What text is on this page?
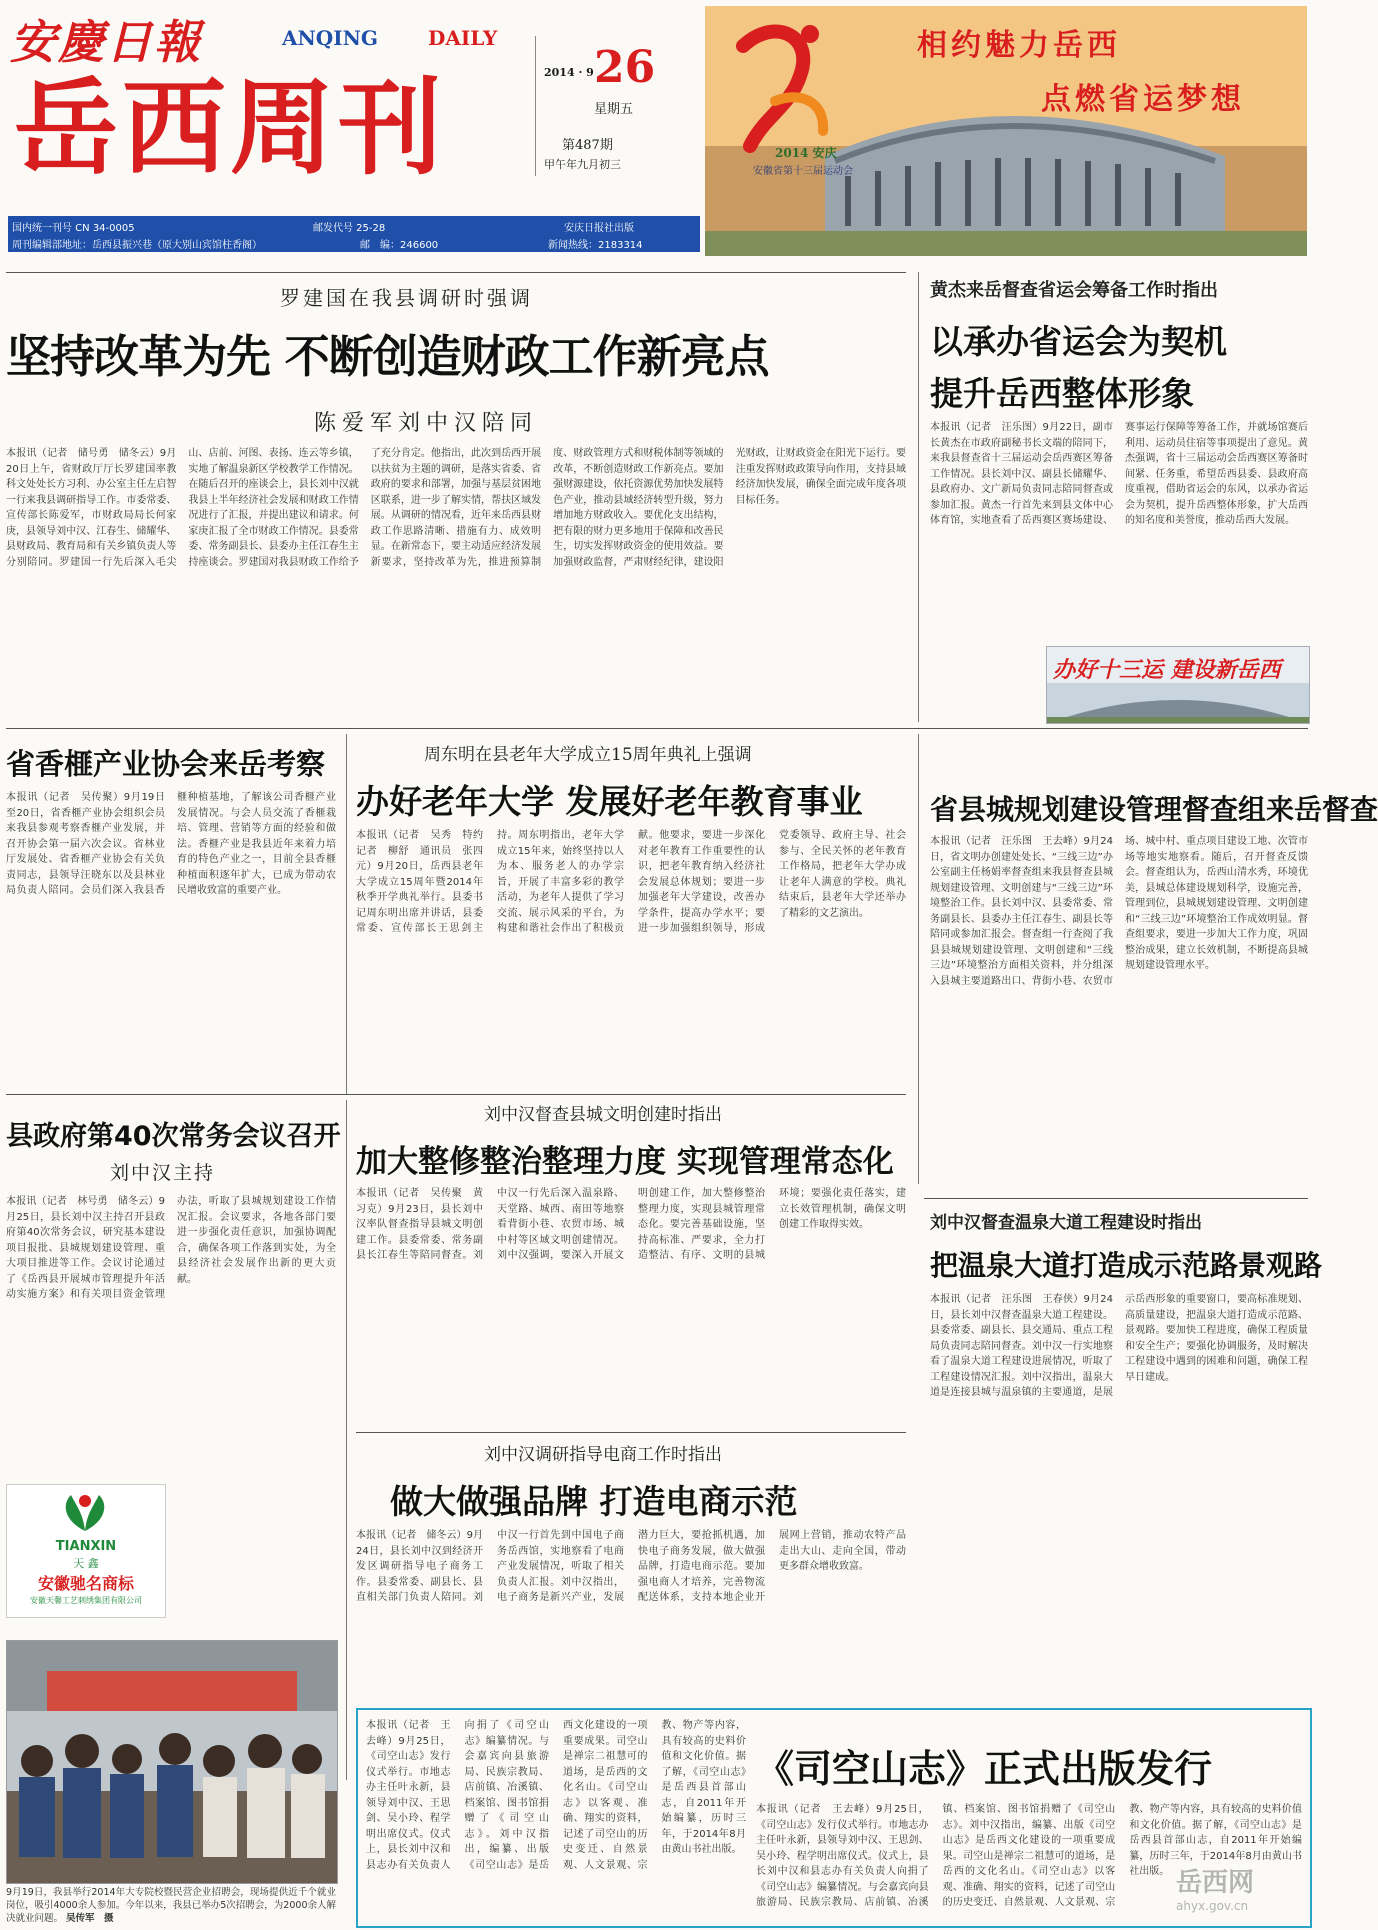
安慶日報	ANQING	DAILY
岳西周刊	2014 · 9 26
星期五
第487期
甲午年九月初三
国内统一刊号 CN 34-0005	邮发代号 25-28	安庆日报社出版
周刊编辑部地址：岳西县振兴巷（原大别山宾馆柱香阁）	邮　编：246600	新闻热线：2183314
相约魅力岳西
点燃省运梦想
2014 安庆
安徽省第十三届运动会
罗建国在我县调研时强调
坚持改革为先 不断创造财政工作新亮点
陈爱军刘中汉陪同
本报讯（记者　储号勇　储冬云）9月20日上午，省财政厅厅长罗建国率教科文处处长方习利、办公室主任左启智一行来我县调研指导工作。市委常委、宣传部长陈爱军，市财政局局长何家庚，县领导刘中汉、江春生、储耀华、县财政局、教育局和有关乡镇负责人等分别陪同。罗建国一行先后深入毛尖山、店前、河图、表扬、连云等乡镇，实地了解温泉新区学校教学工作情况。在随后召开的座谈会上，县长刘中汉就我县上半年经济社会发展和财政工作情况进行了汇报，并提出建议和请求。何家庚汇报了全市财政工作情况。县委常委、常务副县长、县委办主任江春生主持座谈会。罗建国对我县财政工作给予了充分肯定。他指出，此次到岳西开展以扶贫为主题的调研，是落实省委、省政府的要求和部署，加强与基层贫困地区联系，进一步了解实情，帮扶区域发展。从调研的情况看，近年来岳西县财政工作思路清晰、措施有力、成效明显。在新常态下，要主动适应经济发展新要求，坚持改革为先，推进预算制度、财政管理方式和财税体制等领域的改革，不断创造财政工作新亮点。要加强财源建设，依托资源优势加快发展特色产业，推动县域经济转型升级，努力增加地方财政收入。要优化支出结构，把有限的财力更多地用于保障和改善民生，切实发挥财政资金的使用效益。要加强财政监督，严肃财经纪律，建设阳光财政，让财政资金在阳光下运行。要注重发挥财政政策导向作用，支持县域经济加快发展，确保全面完成年度各项目标任务。
黄杰来岳督查省运会筹备工作时指出
以承办省运会为契机
提升岳西整体形象
本报讯（记者　汪乐图）9月22日，副市长黄杰在市政府副秘书长文端的陪同下，来我县督查省十三届运动会岳西赛区筹备工作情况。县长刘中汉、副县长储耀华、县政府办、文广新局负责同志陪同督查或参加汇报。黄杰一行首先来到县文体中心体育馆，实地查看了岳西赛区赛场建设、赛事运行保障等筹备工作，并就场馆赛后利用、运动员住宿等事项提出了意见。黄杰强调，省十三届运动会岳西赛区筹备时间紧、任务重，希望岳西县委、县政府高度重视，借助省运会的东风，以承办省运会为契机，提升岳西整体形象，扩大岳西的知名度和美誉度，推动岳西大发展。
办好十三运 建设新岳西
省香榧产业协会来岳考察
本报讯（记者　吴传聚）9月19日至20日，省香榧产业协会组织会员来我县参观考察香榧产业发展，并召开协会第一届六次会议。省林业厅发展处、省香榧产业协会有关负责同志，县领导汪晓东以及县林业局负责人陪同。会员们深入我县香榧种植基地，了解该公司香榧产业发展情况。与会人员交流了香榧栽培、管理、营销等方面的经验和做法。香榧产业是我县近年来着力培育的特色产业之一，目前全县香榧种植面积逐年扩大，已成为带动农民增收致富的重要产业。
周东明在县老年大学成立15周年典礼上强调
办好老年大学 发展好老年教育事业
本报讯（记者　吴秀　特约记者　柳舒　通讯员　张四元）9月20日，岳西县老年大学成立15周年暨2014年秋季开学典礼举行。县委书记周东明出席并讲话，县委常委、宣传部长王思剑主持。周东明指出，老年大学成立15年来，始终坚持以人为本、服务老人的办学宗旨，开展了丰富多彩的教学活动，为老年人提供了学习交流、展示风采的平台，为构建和谐社会作出了积极贡献。他要求，要进一步深化对老年教育工作重要性的认识，把老年教育纳入经济社会发展总体规划；要进一步加强老年大学建设，改善办学条件，提高办学水平；要进一步加强组织领导，形成党委领导、政府主导、社会参与、全民关怀的老年教育工作格局，把老年大学办成让老年人满意的学校。典礼结束后，县老年大学还举办了精彩的文艺演出。
省县城规划建设管理督查组来岳督查
本报讯（记者　汪乐图　王去峰）9月24日，省文明办创建处处长、“三线三边”办公室副主任杨娟率督查组来我县督查县城规划建设管理、文明创建与“三线三边”环境整治工作。县长刘中汉、县委常委、常务副县长、县委办主任江春生、副县长等陪同或参加汇报会。督查组一行查阅了我县县城规划建设管理、文明创建和“三线三边”环境整治方面相关资料，并分组深入县城主要道路出口、背街小巷、农贸市场、城中村、重点项目建设工地、次管市场等地实地察看。随后，召开督查反馈会。督查组认为，岳西山清水秀，环境优美，县城总体建设规划科学，设施完善，管理到位，县城规划建设管理、文明创建和“三线三边”环境整治工作成效明显。督查组要求，要进一步加大工作力度，巩固整治成果，建立长效机制，不断提高县城规划建设管理水平。
县政府第40次常务会议召开
刘中汉主持
本报讯（记者　林号勇　储冬云）9月25日，县长刘中汉主持召开县政府第40次常务会议，研究基本建设项目报批、县城规划建设管理、重大项目推进等工作。会议讨论通过了《岳西县开展城市管理提升年活动实施方案》和有关项目资金管理办法，听取了县城规划建设工作情况汇报。会议要求，各地各部门要进一步强化责任意识，加强协调配合，确保各项工作落到实处，为全县经济社会发展作出新的更大贡献。
刘中汉督查县城文明创建时指出
加大整修整治整理力度 实现管理常态化
本报讯（记者　吴传聚　黄习克）9月23日，县长刘中汉率队督查指导县城文明创建工作。县委常委、常务副县长江春生等陪同督查。刘中汉一行先后深入温泉路、天堂路、城西、南田等地察看背街小巷、农贸市场、城中村等区域文明创建情况。刘中汉强调，要深入开展文明创建工作，加大整修整治整理力度，实现县城管理常态化。要完善基础设施，坚持高标准、严要求，全力打造整洁、有序、文明的县城环境；要强化责任落实，建立长效管理机制，确保文明创建工作取得实效。	刘中汉督查温泉大道工程建设时指出
把温泉大道打造成示范路景观路
本报讯（记者　汪乐图　王春侠）9月24日，县长刘中汉督查温泉大道工程建设。县委常委、副县长、县交通局、重点工程局负责同志陪同督查。刘中汉一行实地察看了温泉大道工程建设进展情况，听取了工程建设情况汇报。刘中汉指出，温泉大道是连接县城与温泉镇的主要通道，是展示岳西形象的重要窗口，要高标准规划、高质量建设，把温泉大道打造成示范路、景观路。要加快工程进度，确保工程质量和安全生产；要强化协调服务，及时解决工程建设中遇到的困难和问题，确保工程早日建成。
刘中汉调研指导电商工作时指出
做大做强品牌 打造电商示范
本报讯（记者　储冬云）9月24日，县长刘中汉到经济开发区调研指导电子商务工作。县委常委、副县长、县直相关部门负责人陪同。刘中汉一行首先到中国电子商务岳西馆，实地察看了电商产业发展情况，听取了相关负责人汇报。刘中汉指出，电子商务是新兴产业，发展潜力巨大，要抢抓机遇，加快电子商务发展，做大做强品牌，打造电商示范。要加强电商人才培养，完善物流配送体系，支持本地企业开展网上营销，推动农特产品走出大山、走向全国，带动更多群众增收致富。
TIANXIN
天 鑫
安徽驰名商标
安徽天馨工艺刺绣集团有限公司
9月19日，我县举行2014年大专院校暨民营企业招聘会，现场提供近千个就业岗位，吸引4000余人参加。今年以来，我县已举办5次招聘会，为2000余人解决就业问题。 吴传军　摄
本报讯（记者　王去峰）9月25日，《司空山志》发行仪式举行。市地志办主任叶永新，县领导刘中汉、王思剑、吴小玲、程学明出席仪式。仪式上，县长刘中汉和县志办有关负责人向捐了《司空山志》编纂情况。与会嘉宾向县旅游局、民族宗教局、店前镇、冶溪镇、档案馆、图书馆捐赠了《司空山志》。刘中汉指出，编纂、出版《司空山志》是岳西文化建设的一项重要成果。司空山是禅宗二祖慧可的道场，是岳西的文化名山。《司空山志》以客观、准确、翔实的资料，记述了司空山的历史变迁、自然景观、人文景观、宗教、物产等内容，具有较高的史料价值和文化价值。据了解，《司空山志》是岳西县首部山志，自2011年开始编纂，历时三年，于2014年8月由黄山书社出版。
《司空山志》正式出版发行
本报讯（记者　王去峰）9月25日，《司空山志》发行仪式举行。市地志办主任叶永新，县领导刘中汉、王思剑、吴小玲、程学明出席仪式。仪式上，县长刘中汉和县志办有关负责人向捐了《司空山志》编纂情况。与会嘉宾向县旅游局、民族宗教局、店前镇、冶溪镇、档案馆、图书馆捐赠了《司空山志》。刘中汉指出，编纂、出版《司空山志》是岳西文化建设的一项重要成果。司空山是禅宗二祖慧可的道场，是岳西的文化名山。《司空山志》以客观、准确、翔实的资料，记述了司空山的历史变迁、自然景观、人文景观、宗教、物产等内容，具有较高的史料价值和文化价值。据了解，《司空山志》是岳西县首部山志，自2011年开始编纂，历时三年，于2014年8月由黄山书社出版。 岳西网
ahyx.gov.cn
